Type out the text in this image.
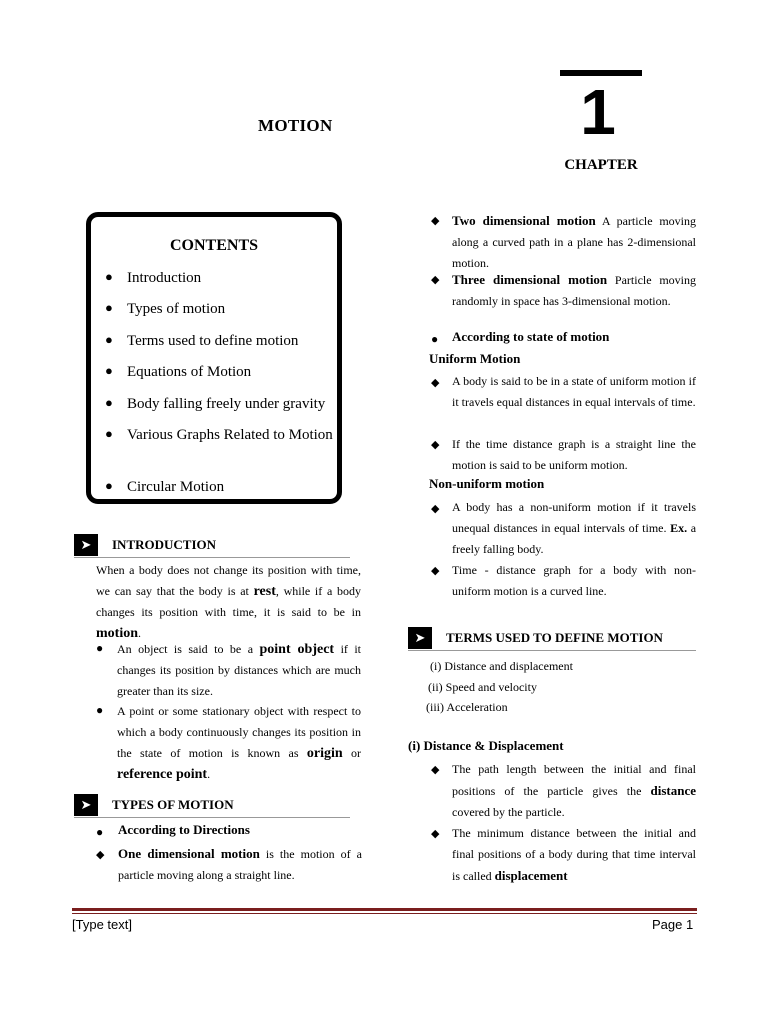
MOTION	1
CHAPTER
CONTENTS
● Introduction
● Types of motion
● Terms used to define motion
● Equations of Motion
● Body falling freely under gravity
● Various Graphs Related to Motion
● Circular Motion
➤	INTRODUCTION
When a body does not change its position with time, we can say that the body is at rest, while if a body changes its position with time, it is said to be in motion.
● An object is said to be a point object if it changes its position by distances which are much greater than its size.
● A point or some stationary object with respect to which a body continuously changes its position in the state of motion is known as origin or reference point.
➤	TYPES OF MOTION
● According to Directions
◆ One dimensional motion is the motion of a particle moving along a straight line.
◆ Two dimensional motion A particle moving along a curved path in a plane has 2-dimensional motion.
◆ Three dimensional motion Particle moving randomly in space has 3-dimensional motion.
● According to state of motion
Uniform Motion
◆ A body is said to be in a state of uniform motion if it travels equal distances in equal intervals of time.
◆ If the time distance graph is a straight line the motion is said to be uniform motion.
Non-uniform motion
◆ A body has a non-uniform motion if it travels unequal distances in equal intervals of time. Ex. a freely falling body.
◆ Time - distance graph for a body with non-uniform motion is a curved line.
➤	TERMS USED TO DEFINE MOTION
(i) Distance and displacement
(ii) Speed and velocity
(iii) Acceleration
(i) Distance & Displacement
◆ The path length between the initial and final positions of the particle gives the distance covered by the particle.
◆ The minimum distance between the initial and final positions of a body during that time interval is called displacement
[Type text]	Page 1
